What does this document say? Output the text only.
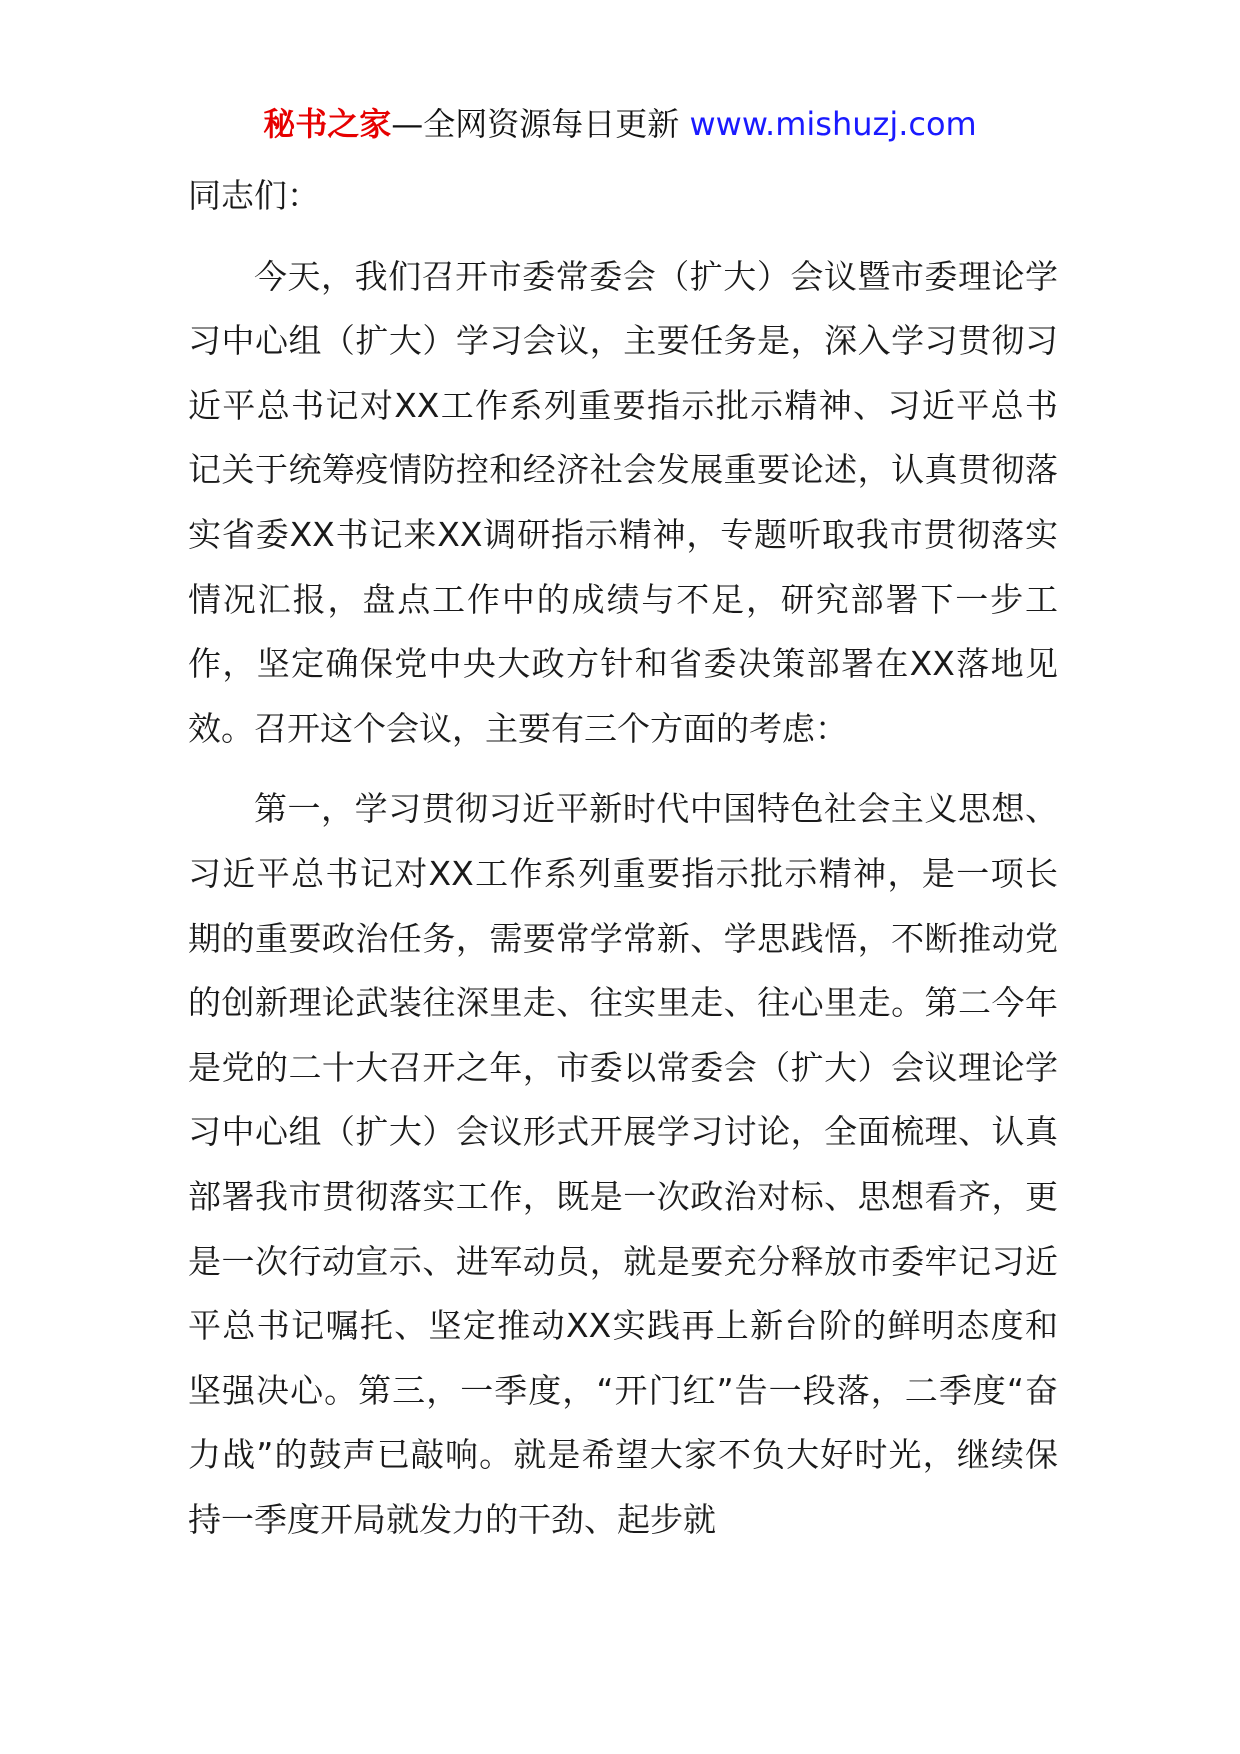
秘书之家—全网资源每日更新 www.mishuzj.com

同志们：

今天，我们召开市委常委会（扩大）会议暨市委理论学习中心组（扩大）学习会议，主要任务是，深入学习贯彻习近平总书记对XX工作系列重要指示批示精神、习近平总书记关于统筹疫情防控和经济社会发展重要论述，认真贯彻落实省委XX书记来XX调研指示精神，专题听取我市贯彻落实情况汇报，盘点工作中的成绩与不足，研究部署下一步工作，坚定确保党中央大政方针和省委决策部署在XX落地见效。召开这个会议，主要有三个方面的考虑：

第一，学习贯彻习近平新时代中国特色社会主义思想、习近平总书记对XX工作系列重要指示批示精神，是一项长期的重要政治任务，需要常学常新、学思践悟，不断推动党的创新理论武装往深里走、往实里走、往心里走。第二今年是党的二十大召开之年，市委以常委会（扩大）会议理论学习中心组（扩大）会议形式开展学习讨论，全面梳理、认真部署我市贯彻落实工作，既是一次政治对标、思想看齐，更是一次行动宣示、进军动员，就是要充分释放市委牢记习近平总书记嘱托、坚定推动XX实践再上新台阶的鲜明态度和坚强决心。第三，一季度，“开门红”告一段落，二季度“奋力战”的鼓声已敲响。就是希望大家不负大好时光，继续保持一季度开局就发力的干劲、起步就
